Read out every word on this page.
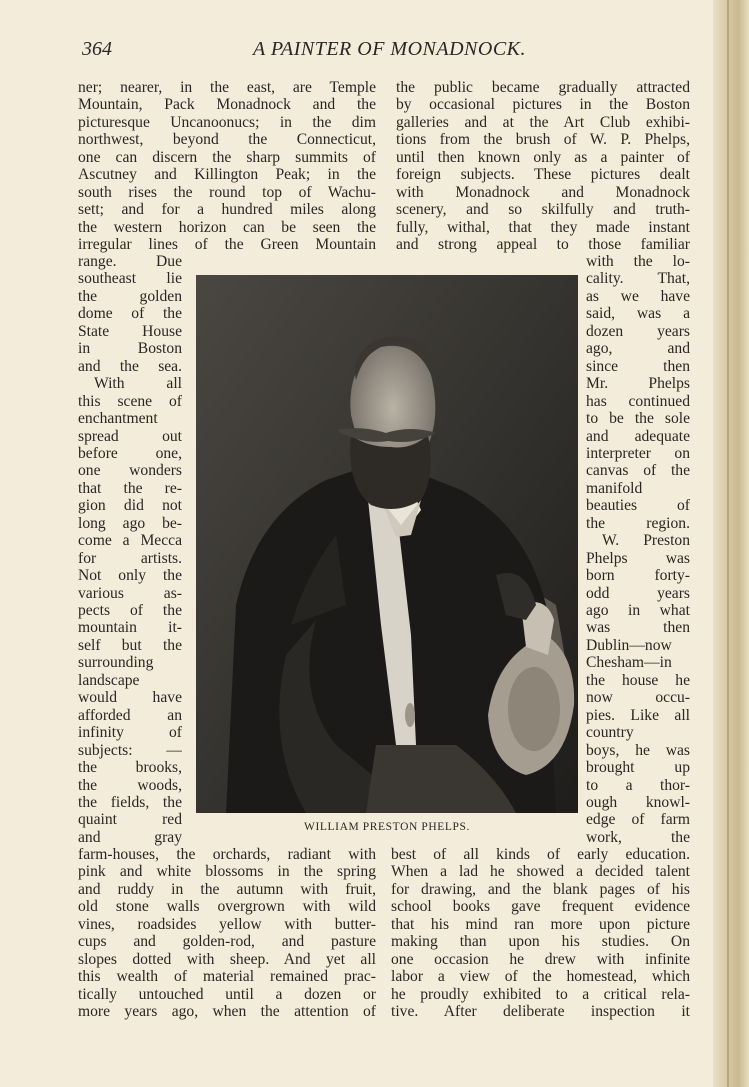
364	A PAINTER OF MONADNOCK.
ner; nearer, in the east, are Temple
Mountain, Pack Monadnock and the
picturesque Uncanoonucs; in the dim
northwest, beyond the Connecticut,
one can discern the sharp summits of
Ascutney and Killington Peak; in the
south rises the round top of Wachu-
sett; and for a hundred miles along
the western horizon can be seen the
irregular lines of the Green Mountain
range. Due
southeast lie
the golden
dome of the
State House
in Boston
and the sea.
With all
this scene of
enchantment
spread out
before one,
one wonders
that the re-
gion did not
long ago be-
come a Mecca
for artists.
Not only the
various as-
pects of the
mountain it-
self but the
surrounding
landscape
would have
afforded an
infinity of
subjects: —
the brooks,
the woods,
the fields, the
quaint red
and gray
farm-houses, the orchards, radiant with
pink and white blossoms in the spring
and ruddy in the autumn with fruit,
old stone walls overgrown with wild
vines, roadsides yellow with butter-
cups and golden-rod, and pasture
slopes dotted with sheep. And yet all
this wealth of material remained prac-
tically untouched until a dozen or
more years ago, when the attention of
the public became gradually attracted
by occasional pictures in the Boston
galleries and at the Art Club exhibi-
tions from the brush of W. P. Phelps,
until then known only as a painter of
foreign subjects. These pictures dealt
with Monadnock and Monadnock
scenery, and so skilfully and truth-
fully, withal, that they made instant
and strong appeal to those familiar
with the lo-
cality. That,
as we have
said, was a
dozen years
ago, and
since then
Mr. Phelps
has continued
to be the sole
and adequate
interpreter on
canvas of the
manifold
beauties of
the region.
W. Preston
Phelps was
born forty-
odd years
ago in what
was then
Dublin—now
Chesham—in
the house he
now occu-
pies. Like all
country
boys, he was
brought up
to a thor-
ough knowl-
edge of farm
work, the
best of all kinds of early education.
When a lad he showed a decided talent
for drawing, and the blank pages of his
school books gave frequent evidence
that his mind ran more upon picture
making than upon his studies. On
one occasion he drew with infinite
labor a view of the homestead, which
he proudly exhibited to a critical rela-
tive. After deliberate inspection it
WILLIAM PRESTON PHELPS.
